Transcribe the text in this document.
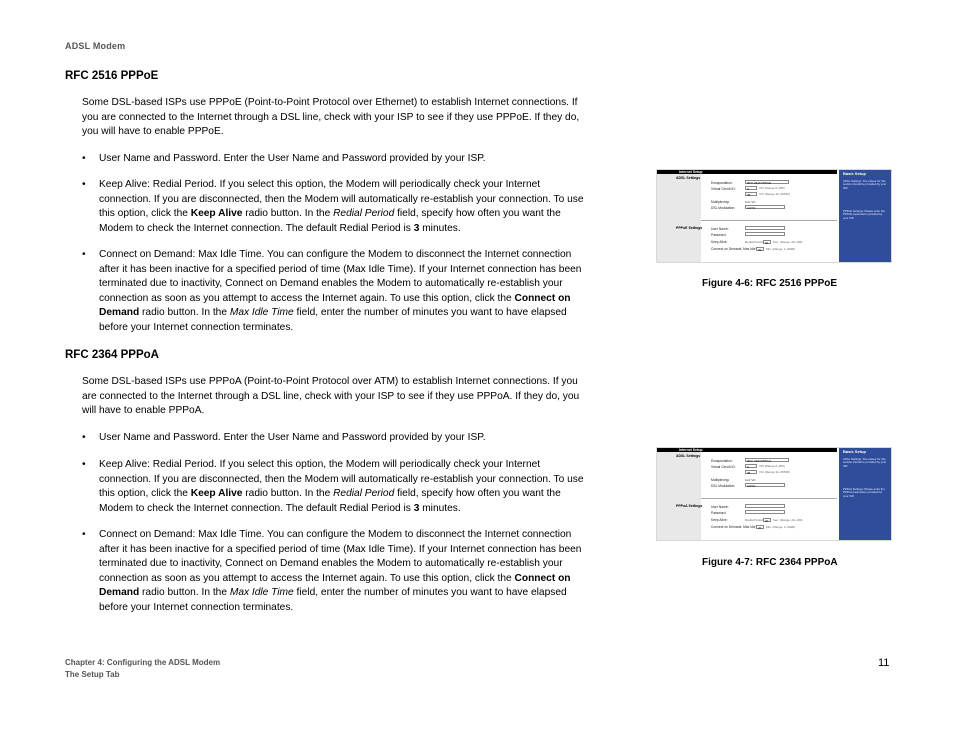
ADSL Modem
RFC 2516 PPPoE
Some DSL-based ISPs use PPPoE (Point-to-Point Protocol over Ethernet) to establish Internet connections. If you are connected to the Internet through a DSL line, check with your ISP to see if they use PPPoE. If they do, you will have to enable PPPoE.
• User Name and Password. Enter the User Name and Password provided by your ISP.
• Keep Alive: Redial Period. If you select this option, the Modem will periodically check your Internet connection. If you are disconnected, then the Modem will automatically re-establish your connection. To use this option, click the Keep Alive radio button. In the Redial Period field, specify how often you want the Modem to check the Internet connection. The default Redial Period is 3 minutes.
• Connect on Demand: Max Idle Time. You can configure the Modem to disconnect the Internet connection after it has been inactive for a specified period of time (Max Idle Time). If your Internet connection has been terminated due to inactivity, Connect on Demand enables the Modem to automatically re-establish your connection as soon as you attempt to access the Internet again. To use this option, click the Connect on Demand radio button. In the Max Idle Time field, enter the number of minutes you want to have elapsed before your Internet connection terminates.
Internet Setup
ADSL Settings
Encapsulation:	RFC 2516 PPPoE
Virtual Circuit ID:	0	VPI (Range 0~255)
35	VCI (Range 32~65535)
Multiplexing:	LLC VC
DSL Modulation:	AUTO
PPPoE Settings	User Name:
Password:
Keep Alive:	Redial Period 30	Sec. (Range: 20~180)
Connect on Demand: Max Idle 20	Min. (Range: 1~9999)
Basic Setup
ADSL Settings: The values for this section should be provided by your ISP.
PPPoE Settings: Please enter the PPPoE parameters provided by your ISP.
Figure 4-6: RFC 2516 PPPoE
RFC 2364 PPPoA
Some DSL-based ISPs use PPPoA (Point-to-Point Protocol over ATM) to establish Internet connections. If you are connected to the Internet through a DSL line, check with your ISP to see if they use PPPoA. If they do, you will have to enable PPPoA.
• User Name and Password. Enter the User Name and Password provided by your ISP.
• Keep Alive: Redial Period. If you select this option, the Modem will periodically check your Internet connection. If you are disconnected, then the Modem will automatically re-establish your connection. To use this option, click the Keep Alive radio button. In the Redial Period field, specify how often you want the Modem to check the Internet connection. The default Redial Period is 3 minutes.
• Connect on Demand: Max Idle Time. You can configure the Modem to disconnect the Internet connection after it has been inactive for a specified period of time (Max Idle Time). If your Internet connection has been terminated due to inactivity, Connect on Demand enables the Modem to automatically re-establish your connection as soon as you attempt to access the Internet again. To use this option, click the Connect on Demand radio button. In the Max Idle Time field, enter the number of minutes you want to have elapsed before your Internet connection terminates.
Internet Setup
ADSL Settings
Encapsulation:	RFC 2364 PPPoA
Virtual Circuit ID:	0	VPI (Range 0~255)
35	VCI (Range 32~65535)
Multiplexing:	LLC VC
DSL Modulation:	AUTO
PPPoA Settings	User Name:
Password:
Keep Alive:	Redial Period 30	Sec. (Range: 20~180)
Connect on Demand: Max Idle 20	Min. (Range: 1~9999)
Basic Setup
ADSL Settings: The values for this section should be provided by your ISP.
PPPoA Settings: Please enter the PPPoA parameters provided by your ISP.
Figure 4-7: RFC 2364 PPPoA
Chapter 4: Configuring the ADSL Modem
The Setup Tab
11
